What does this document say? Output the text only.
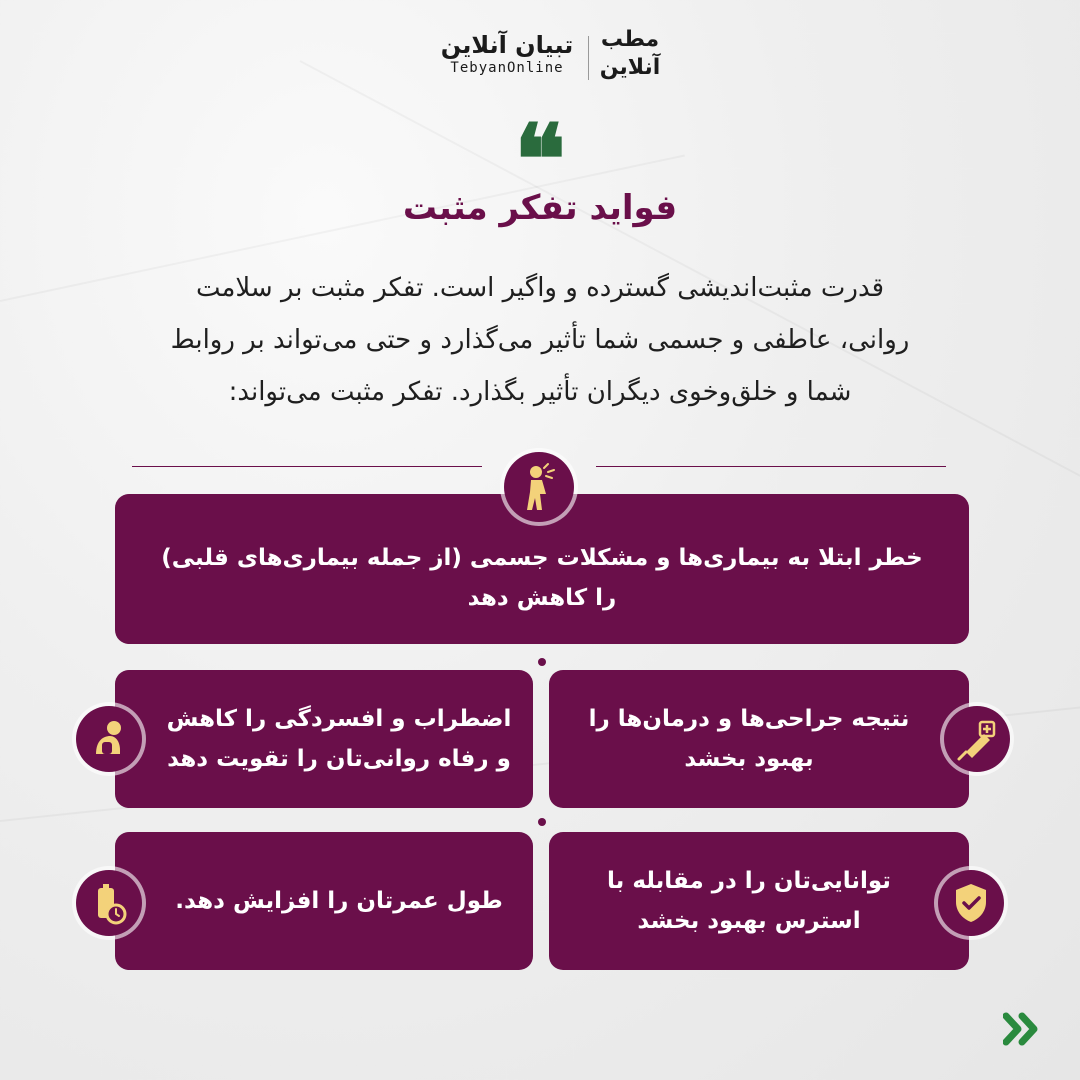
تبیان آنلاین
TebyanOnline
مطب
آنلاین
❝
فواید تفکر مثبت
قدرت مثبت‌اندیشی گسترده و واگیر است. تفکر مثبت بر سلامت
روانی، عاطفی و جسمی شما تأثیر می‌گذارد و حتی می‌تواند بر روابط
شما و خلق‌وخوی دیگران تأثیر بگذارد. تفکر مثبت می‌تواند:
خطر ابتلا به بیماری‌ها و مشکلات جسمی (از جمله بیماری‌های قلبی)
را کاهش دهد
نتیجه جراحی‌ها و درمان‌ها را
بهبود بخشد
اضطراب و افسردگی را کاهش
و رفاه روانی‌تان را تقویت دهد
توانایی‌تان را در مقابله با
استرس بهبود بخشد
طول عمرتان را افزایش دهد.
